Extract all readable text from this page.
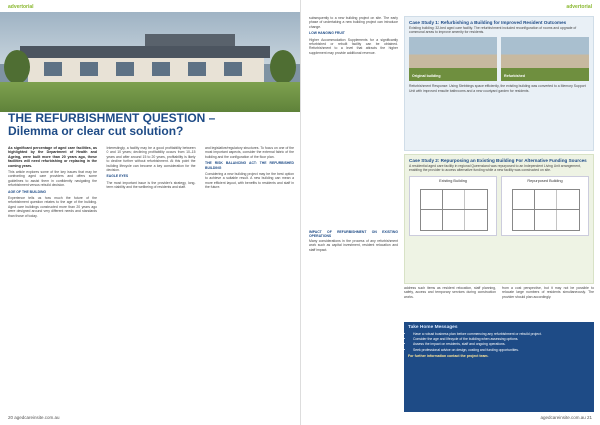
advertorial
THE REFURBISHMENT QUESTION –
Dilemma or clear cut solution?

As significant percentage of aged care facilities, as highlighted by the Department of Health and Ageing, were built more than 20 years ago, these facilities will need refurbishing or replacing in the coming years.

This article explores some of the key issues that may be confronting aged care providers and offers some guidelines to assist them in confidently navigating the refurbishment versus rebuild decision.

AGE OF THE BUILDING

Experience tells us how much the future of the refurbishment question relates to the age of the building. Aged care buildings constructed more than 20 years ago were designed around very different needs and standards than those of today.

Interestingly, a facility may be a good profitability between 0 and 10 years; declining profitability occurs from 10–15 years and after around 15 to 20 years, profitability is likely to decline further without refurbishment. At this point the building lifecycle can become a key consideration for the decision.

EAGLE EYES

The most important issue is the provider's strategy, long-term viability and the wellbeing of residents and staff.

and legislative/regulatory structures. To focus on one of the most important aspects, consider the external fabric of the building and the configuration of the floor plan.

THE RISK BALANCING ACT: THE REFURBISHED BUILDING

Considering a new building project may be the best option to achieve a suitable result. A new building can mean a more efficient layout, with benefits to residents and staff in the future.

20 agedcareinsite.com.au
advertorial

subsequently to a new building project on site. The early phase of undertaking a new building project can introduce change.

LOW HANGING FRUIT

Higher Accommodation Supplements for a significantly refurbished or rebuilt facility can be obtained. Refurbishment to a level that attracts the higher supplement may provide additional revenue.

IMPACT OF REFURBISHMENT ON EXISTING OPERATIONS

Many considerations in the process of any refurbishment work such as capital investment, resident relocation and staff impact.

Case Study 1: Refurbishing a Building for Improved Resident Outcomes
Existing building: 32-bed aged care facility. The refurbishment included reconfiguration of rooms and upgrade of communal areas to improve amenity for residents.
Original building	Refurbished
Refurbishment Response: Using Stebbings space efficiently, the existing building was converted to a Memory Support Unit with improved ensuite bathrooms and a new courtyard garden for residents.
Case Study 2: Repurposing an Existing Building For Alternative Funding Sources
A residential aged care facility in regional Queensland was repurposed to an Independent Living Unit arrangement, enabling the provider to access alternative funding while a new facility was constructed on site.
Existing Building	Repurposed Building
address such items as resident relocation, staff planning, safety, access and temporary services during construction works.
from a cost perspective, but it may not be possible to relocate large numbers of residents simultaneously. The provider should plan accordingly.
Take Home Messages
• Have a robust business plan before commencing any refurbishment or rebuild project.
• Consider the age and lifecycle of the building when assessing options.
• Assess the impact on residents, staff and ongoing operations.
• Seek professional advice on design, costing and funding opportunities.
For further information contact the project team.
agedcareinsite.com.au 21
